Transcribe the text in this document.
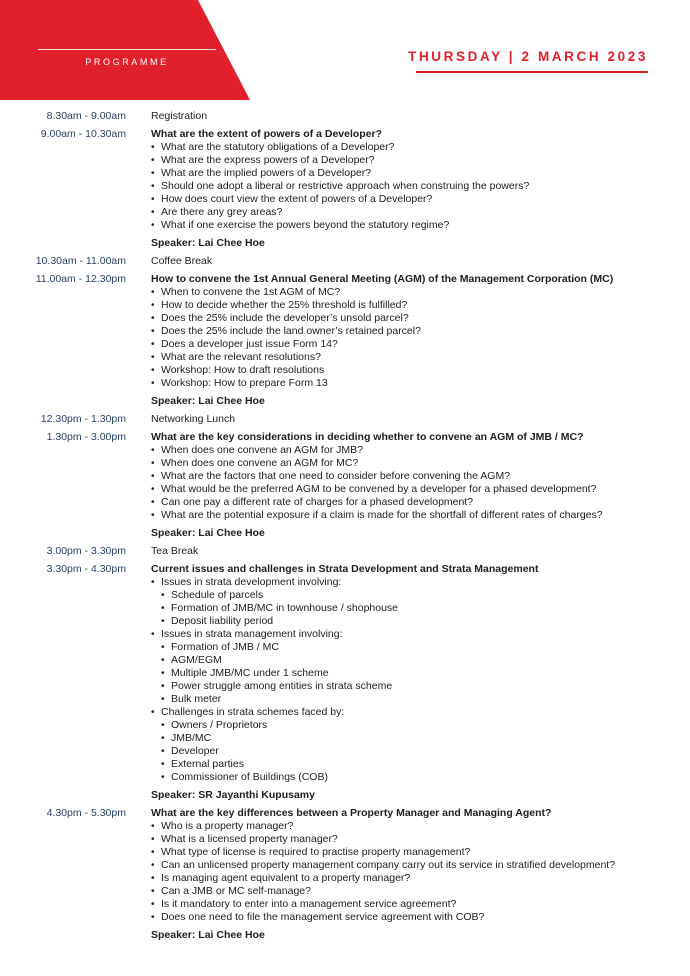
PROGRAMME	THURSDAY | 2 MARCH 2023
8.30am - 9.00am Registration
9.00am - 10.30am What are the extent of powers of a Developer?
• What are the statutory obligations of a Developer?
• What are the express powers of a Developer?
• What are the implied powers of a Developer?
• Should one adopt a liberal or restrictive approach when construing the powers?
• How does court view the extent of powers of a Developer?
• Are there any grey areas?
• What if one exercise the powers beyond the statutory regime?
Speaker: Lai Chee Hoe
10.30am - 11.00am Coffee Break
11.00am - 12.30pm How to convene the 1st Annual General Meeting (AGM) of the Management Corporation (MC)
• When to convene the 1st AGM of MC?
• How to decide whether the 25% threshold is fulfilled?
• Does the 25% include the developer’s unsold parcel?
• Does the 25% include the land owner’s retained parcel?
• Does a developer just issue Form 14?
• What are the relevant resolutions?
• Workshop: How to draft resolutions
• Workshop: How to prepare Form 13
Speaker: Lai Chee Hoe
12.30pm - 1.30pm Networking Lunch
1.30pm - 3.00pm What are the key considerations in deciding whether to convene an AGM of JMB / MC?
• When does one convene an AGM for JMB?
• When does one convene an AGM for MC?
• What are the factors that one need to consider before convening the AGM?
• What would be the preferred AGM to be convened by a developer for a phased development?
• Can one pay a different rate of charges for a phased development?
• What are the potential exposure if a claim is made for the shortfall of different rates of charges?
Speaker: Lai Chee Hoe
3.00pm - 3.30pm Tea Break
3.30pm - 4.30pm Current issues and challenges in Strata Development and Strata Management
• Issues in strata development involving:
• Schedule of parcels
• Formation of JMB/MC in townhouse / shophouse
• Deposit liability period
• Issues in strata management involving:
• Formation of JMB / MC
• AGM/EGM
• Multiple JMB/MC under 1 scheme
• Power struggle among entities in strata scheme
• Bulk meter
• Challenges in strata schemes faced by:
• Owners / Proprietors
• JMB/MC
• Developer
• External parties
• Commissioner of Buildings (COB)
Speaker: SR Jayanthi Kupusamy
4.30pm - 5.30pm What are the key differences between a Property Manager and Managing Agent?
• Who is a property manager?
• What is a licensed property manager?
• What type of license is required to practise property management?
• Can an unlicensed property management company carry out its service in stratified development?
• Is managing agent equivalent to a property manager?
• Can a JMB or MC self-manage?
• Is it mandatory to enter into a management service agreement?
• Does one need to file the management service agreement with COB?
Speaker: Lai Chee Hoe
